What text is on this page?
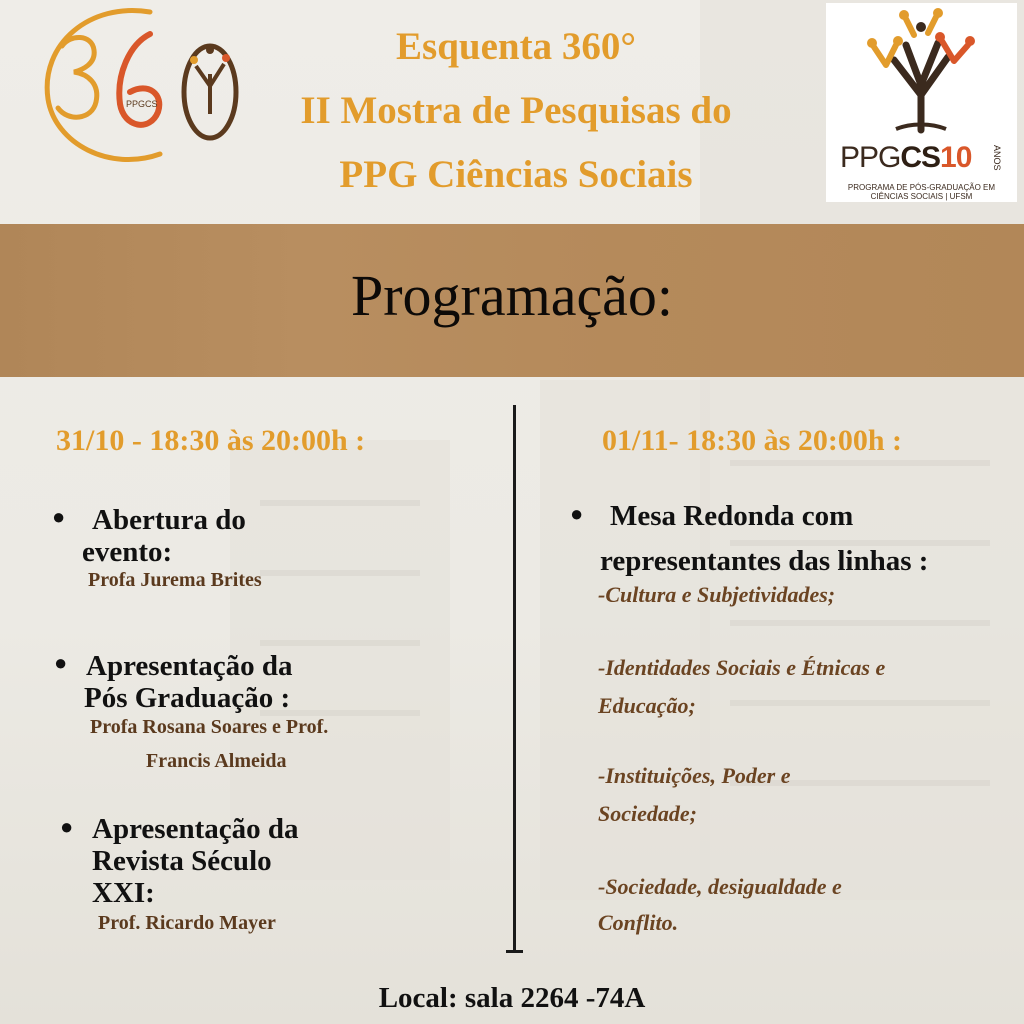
PPGCS
Esquenta 360°
II Mostra de Pesquisas do
PPG Ciências Sociais	PPGCS10 ANOS
PROGRAMA DE PÓS-GRADUAÇÃO EM
CIÊNCIAS SOCIAIS | UFSM
Programação:
31/10 - 18:30 às 20:00h :
● Abertura do
evento:
Profa Jurema Brites
● Apresentação da
Pós Graduação :
Profa Rosana Soares e Prof.
Francis Almeida
● Apresentação da
Revista Século
XXI:
Prof. Ricardo Mayer
01/11- 18:30 às 20:00h :
● Mesa Redonda com
representantes das linhas :
-Cultura e Subjetividades;
-Identidades Sociais e Étnicas e
Educação;
-Instituições, Poder e
Sociedade;
-Sociedade, desigualdade e
Conflito.
Local: sala 2264 -74A
